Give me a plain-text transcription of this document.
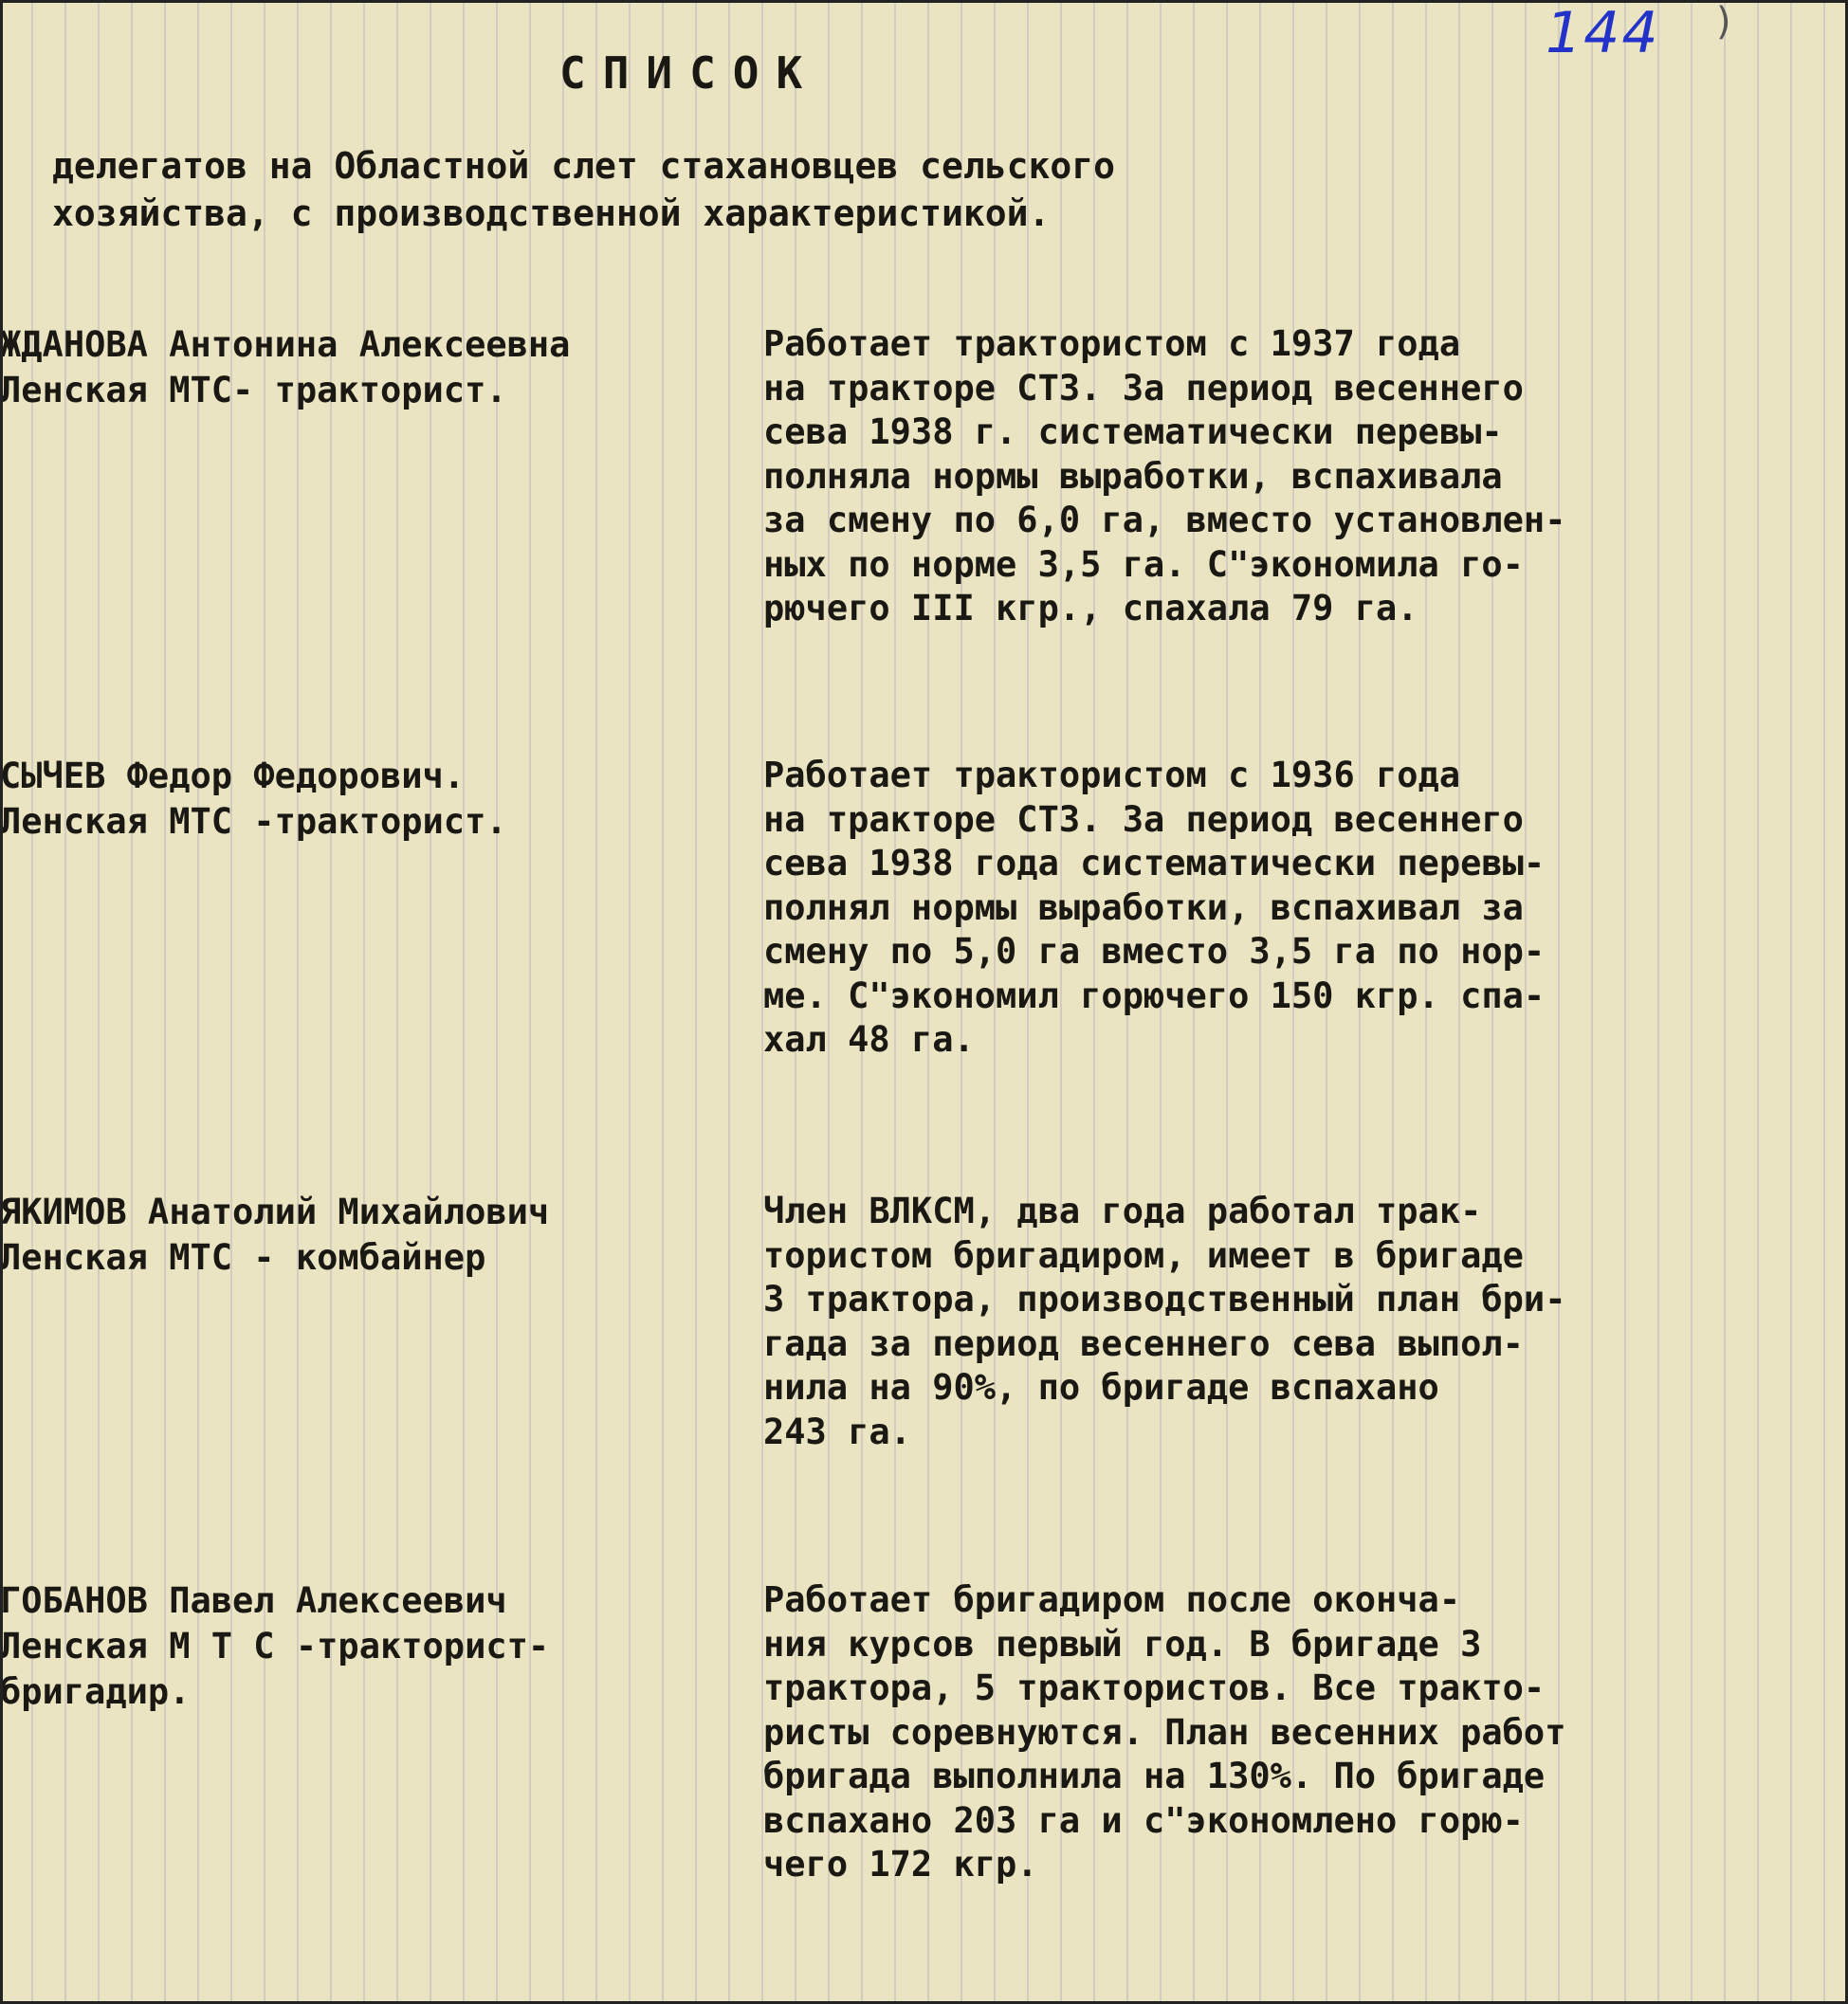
144 )
СПИСОК
делегатов на Областной слет стахановцев сельского
хозяйства, с производственной характеристикой.
ЖДАНОВА Антонина Алексеевна
Ленская МТС- тракторист.
Работает трактористом с 1937 года
на тракторе СТЗ. За период весеннего
сева 1938 г. систематически перевы-
полняла нормы выработки, вспахивала
за смену по 6,0 га, вместо установлен-
ных по норме 3,5 га. С"экономила го-
рючего III кгр., спахала 79 га.
СЫЧЕВ Федор Федорович.
Ленская МТС -тракторист.
Работает трактористом с 1936 года
на тракторе СТЗ. За период весеннего
сева 1938 года систематически перевы-
полнял нормы выработки, вспахивал за
смену по 5,0 га вместо 3,5 га по нор-
ме. С"экономил горючего 150 кгр. спа-
хал 48 га.
ЯКИМОВ Анатолий Михайлович
Ленская МТС - комбайнер
Член ВЛКСМ, два года работал трак-
тористом бригадиром, имеет в бригаде
3 трактора, производственный план бри-
гада за период весеннего сева выпол-
нила на 90%, по бригаде вспахано
243 га.
ГОБАНОВ Павел Алексеевич
Ленская М Т С -тракторист-
бригадир.
Работает бригадиром после оконча-
ния курсов первый год. В бригаде 3
трактора, 5 трактористов. Все тракто-
ристы соревнуются. План весенних работ
бригада выполнила на 130%. По бригаде
вспахано 203 га и с"экономлено горю-
чего 172 кгр.
